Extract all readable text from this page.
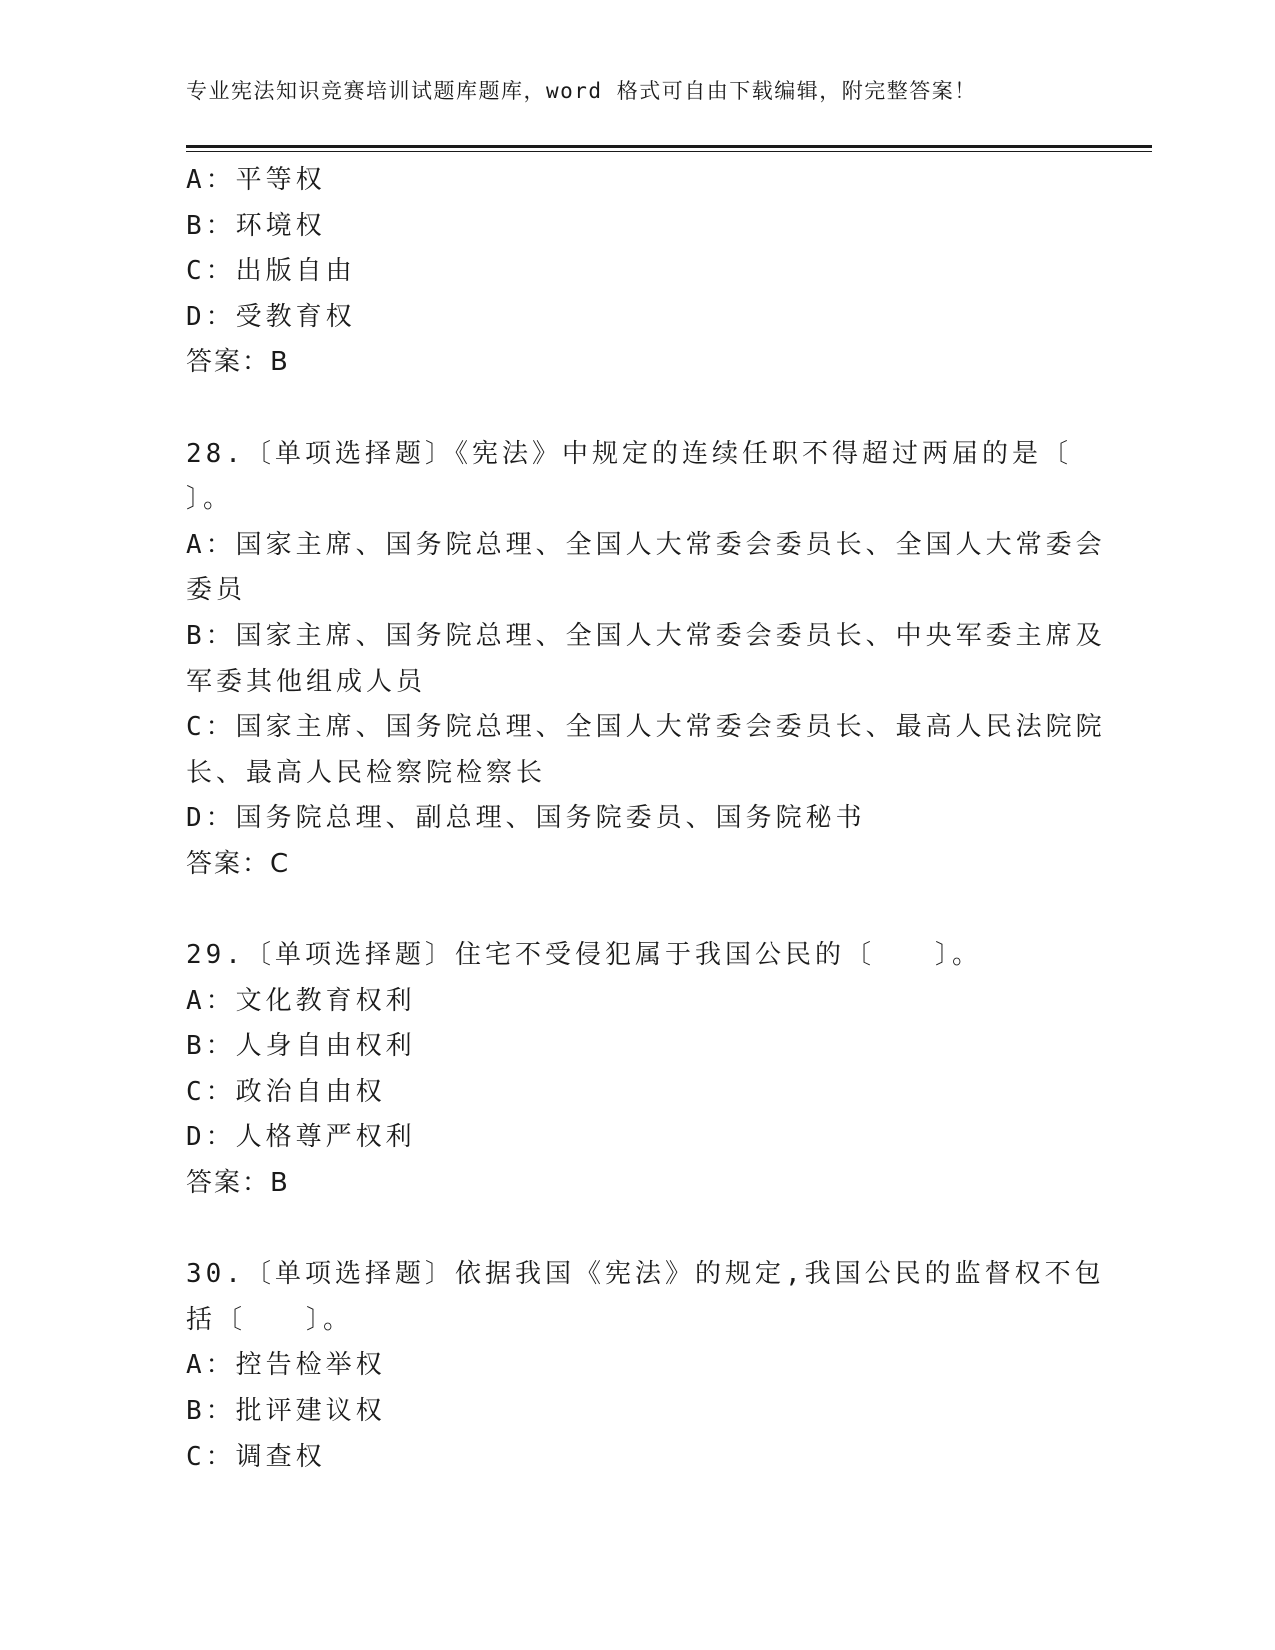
专业宪法知识竞赛培训试题库题库，word 格式可自由下载编辑，附完整答案！
A：平等权
B：环境权
C：出版自由
D：受教育权
答案：B
28.〔单项选择题〕《宪法》中规定的连续任职不得超过两届的是〔
〕。
A：国家主席、国务院总理、全国人大常委会委员长、全国人大常委会
委员
B：国家主席、国务院总理、全国人大常委会委员长、中央军委主席及
军委其他组成人员
C：国家主席、国务院总理、全国人大常委会委员长、最高人民法院院
长、最高人民检察院检察长
D：国务院总理、副总理、国务院委员、国务院秘书
答案：C
29.〔单项选择题〕住宅不受侵犯属于我国公民的〔　　〕。
A：文化教育权利
B：人身自由权利
C：政治自由权
D：人格尊严权利
答案：B
30.〔单项选择题〕依据我国《宪法》的规定,我国公民的监督权不包
括〔　　〕。
A：控告检举权
B：批评建议权
C：调查权
